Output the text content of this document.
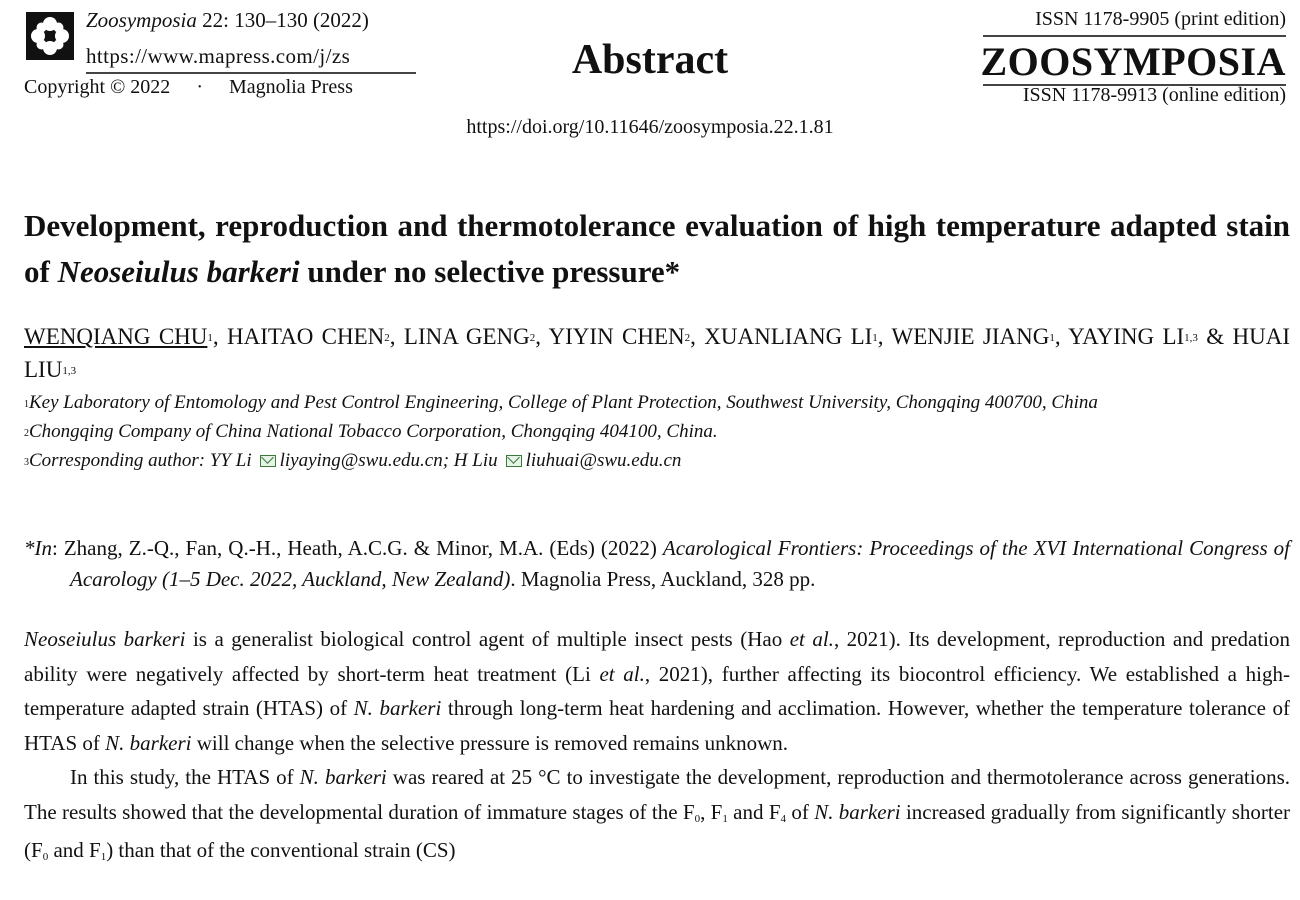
Zoosymposia 22: 130–130 (2022)
https://www.mapress.com/j/zs
Copyright © 2022 · Magnolia Press
Abstract
ISSN 1178-9905 (print edition)
ZOOSYMPOSIA
ISSN 1178-9913 (online edition)
https://doi.org/10.11646/zoosymposia.22.1.81
Development, reproduction and thermotolerance evaluation of high temperature adapted stain of Neoseiulus barkeri under no selective pressure*
WENQIANG CHU$^1$, HAITAO CHEN$^2$, LINA GENG$^2$, YIYIN CHEN$^2$, XUANLIANG $LI^1$, WENJIE JIANG$^1$, YAYING LI$^{1,3}$ & HUAI LIU$^{1,3}$
$^1$Key Laboratory of Entomology and Pest Control Engineering, College of Plant Protection, Southwest University, Chongqing 400700, China
$^2$Chongqing Company of China National Tobacco Corporation, Chongqing 404100, China.
$^3$Corresponding author: YY Li liyaying@swu.edu.cn; H Liu liuhuai@swu.edu.cn
*In: Zhang, Z.-Q., Fan, Q.-H., Heath, A.C.G. & Minor, M.A. (Eds) (2022) Acarological Frontiers: Proceedings of the XVI International Congress of Acarology (1–5 Dec. 2022, Auckland, New Zealand). Magnolia Press, Auckland, 328 pp.

Neoseiulus barkeri is a generalist biological control agent of multiple insect pests (Hao et al., 2021). Its development, reproduction and predation ability were negatively affected by short-term heat treatment (Li et al., 2021), further affecting its biocontrol efficiency. We established a high-temperature adapted strain (HTAS) of N. barkeri through long-term heat hardening and acclimation. However, whether the temperature tolerance of HTAS of N. barkeri will change when the selective pressure is removed remains unknown.

In this study, the HTAS of N. barkeri was reared at 25 °C to investigate the development, reproduction and thermotolerance across generations. The results showed that the developmental duration of immature stages of the $F_0$, $F_1$ and $F_4$ of N. barkeri increased gradually from significantly shorter ($F_0$ and $F_1$) than that of the conventional strain (CS)
